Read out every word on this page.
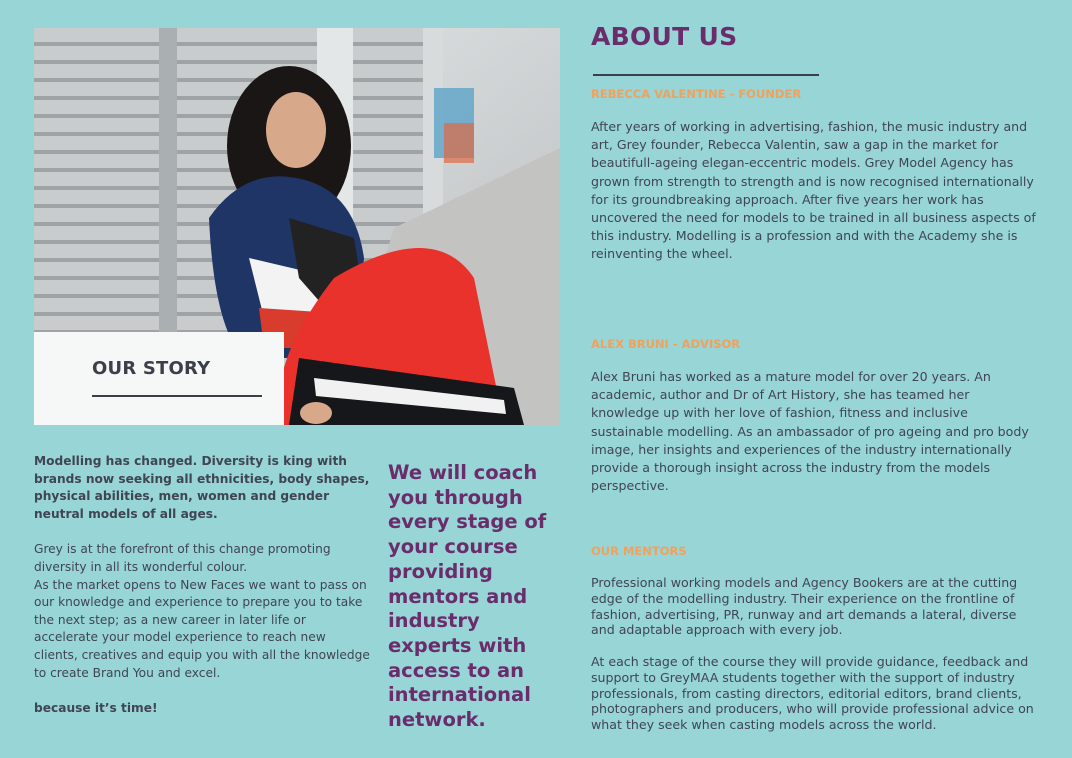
OUR STORY

Modelling has changed. Diversity is king with brands now seeking all ethnicities, body shapes, physical abilities, men, women and gender neutral models of all ages.

Grey is at the forefront of this change promoting diversity in all its wonderful colour.

As the market opens to New Faces we want to pass on our knowledge and experience to prepare you to take the next step; as a new career in later life or accelerate your model experience to reach new clients, creatives and equip you with all the knowledge to create Brand You and excel.

because it’s time!

We will coach you through every stage of your course providing mentors and industry experts with access to an international network.
ABOUT US
REBECCA VALENTINE - FOUNDER

After years of working in advertising, fashion, the music industry and art, Grey founder, Rebecca Valentin, saw a gap in the market for beautifull-ageing elegan-eccentric models. Grey Model Agency has grown from strength to strength and is now recognised internationally for its groundbreaking approach. After five years her work has uncovered the need for models to be trained in all business aspects of this industry. Modelling is a profession and with the Academy she is reinventing the wheel.

ALEX BRUNI - ADVISOR

Alex Bruni has worked as a mature model for over 20 years. An academic, author and Dr of Art History, she has teamed her knowledge up with her love of fashion, fitness and inclusive sustainable modelling. As an ambassador of pro ageing and pro body image, her insights and experiences of the industry internationally provide a thorough insight across the industry from the models perspective.

OUR MENTORS

Professional working models and Agency Bookers are at the cutting edge of the modelling industry. Their experience on the frontline of fashion, advertising, PR, runway and art demands a lateral, diverse and adaptable approach with every job.

At each stage of the course they will provide guidance, feedback and support to GreyMAA students together with the support of industry professionals, from casting directors, editorial editors, brand clients, photographers and producers, who will provide professional advice on what they seek when casting models across the world.
